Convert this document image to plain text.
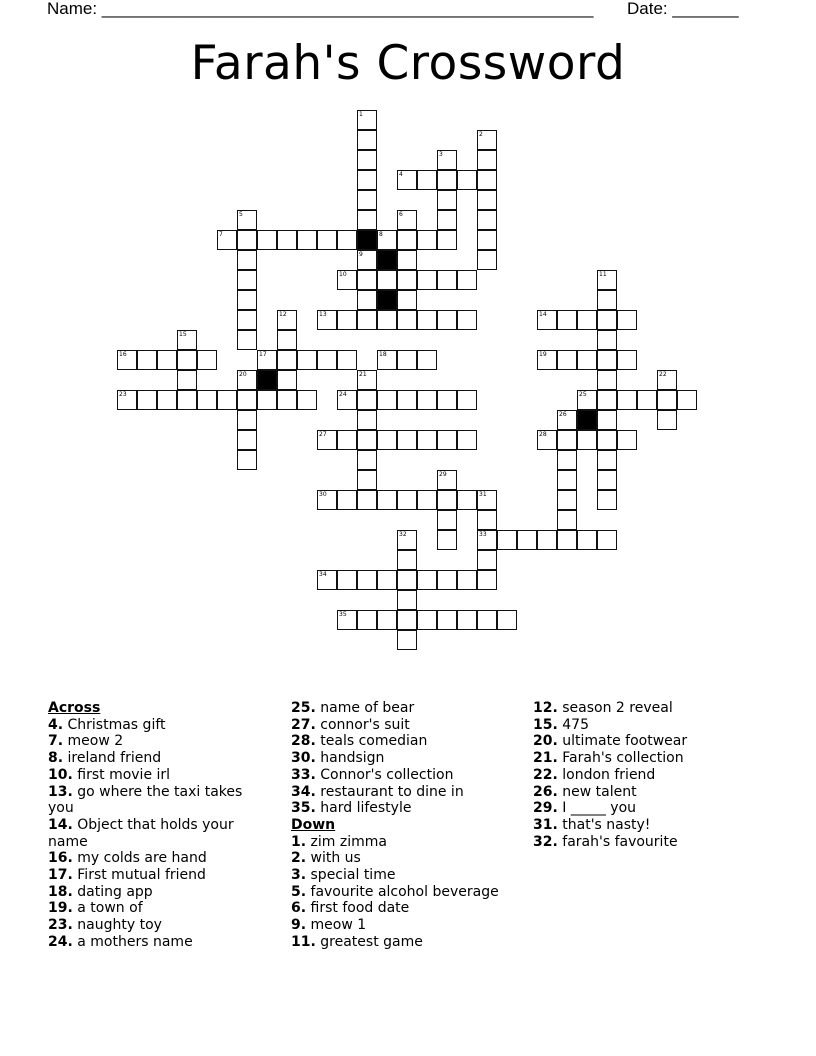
Name: ____________________________________________________ Date: _______
Farah's Crossword
1
2
3
4
5	6
7	8
9
10	11
12	13	14
15
16	17	18	19
20	21	22
23	24	25
26
27	28
29
30	31
33
32
34
35
Across
4. Christmas gift
7. meow 2
8. ireland friend
10. first movie irl
13. go where the taxi takes you
14. Object that holds your name
16. my colds are hand
17. First mutual friend
18. dating app
19. a town of
23. naughty toy
24. a mothers name
25. name of bear
27. connor's suit
28. teals comedian
30. handsign
33. Connor's collection
34. restaurant to dine in
35. hard lifestyle
Down
1. zim zimma
2. with us
3. special time
5. favourite alcohol beverage
6. first food date
9. meow 1
11. greatest game
12. season 2 reveal
15. 475
20. ultimate footwear
21. Farah's collection
22. london friend
26. new talent
29. I _____ you
31. that's nasty!
32. farah's favourite
